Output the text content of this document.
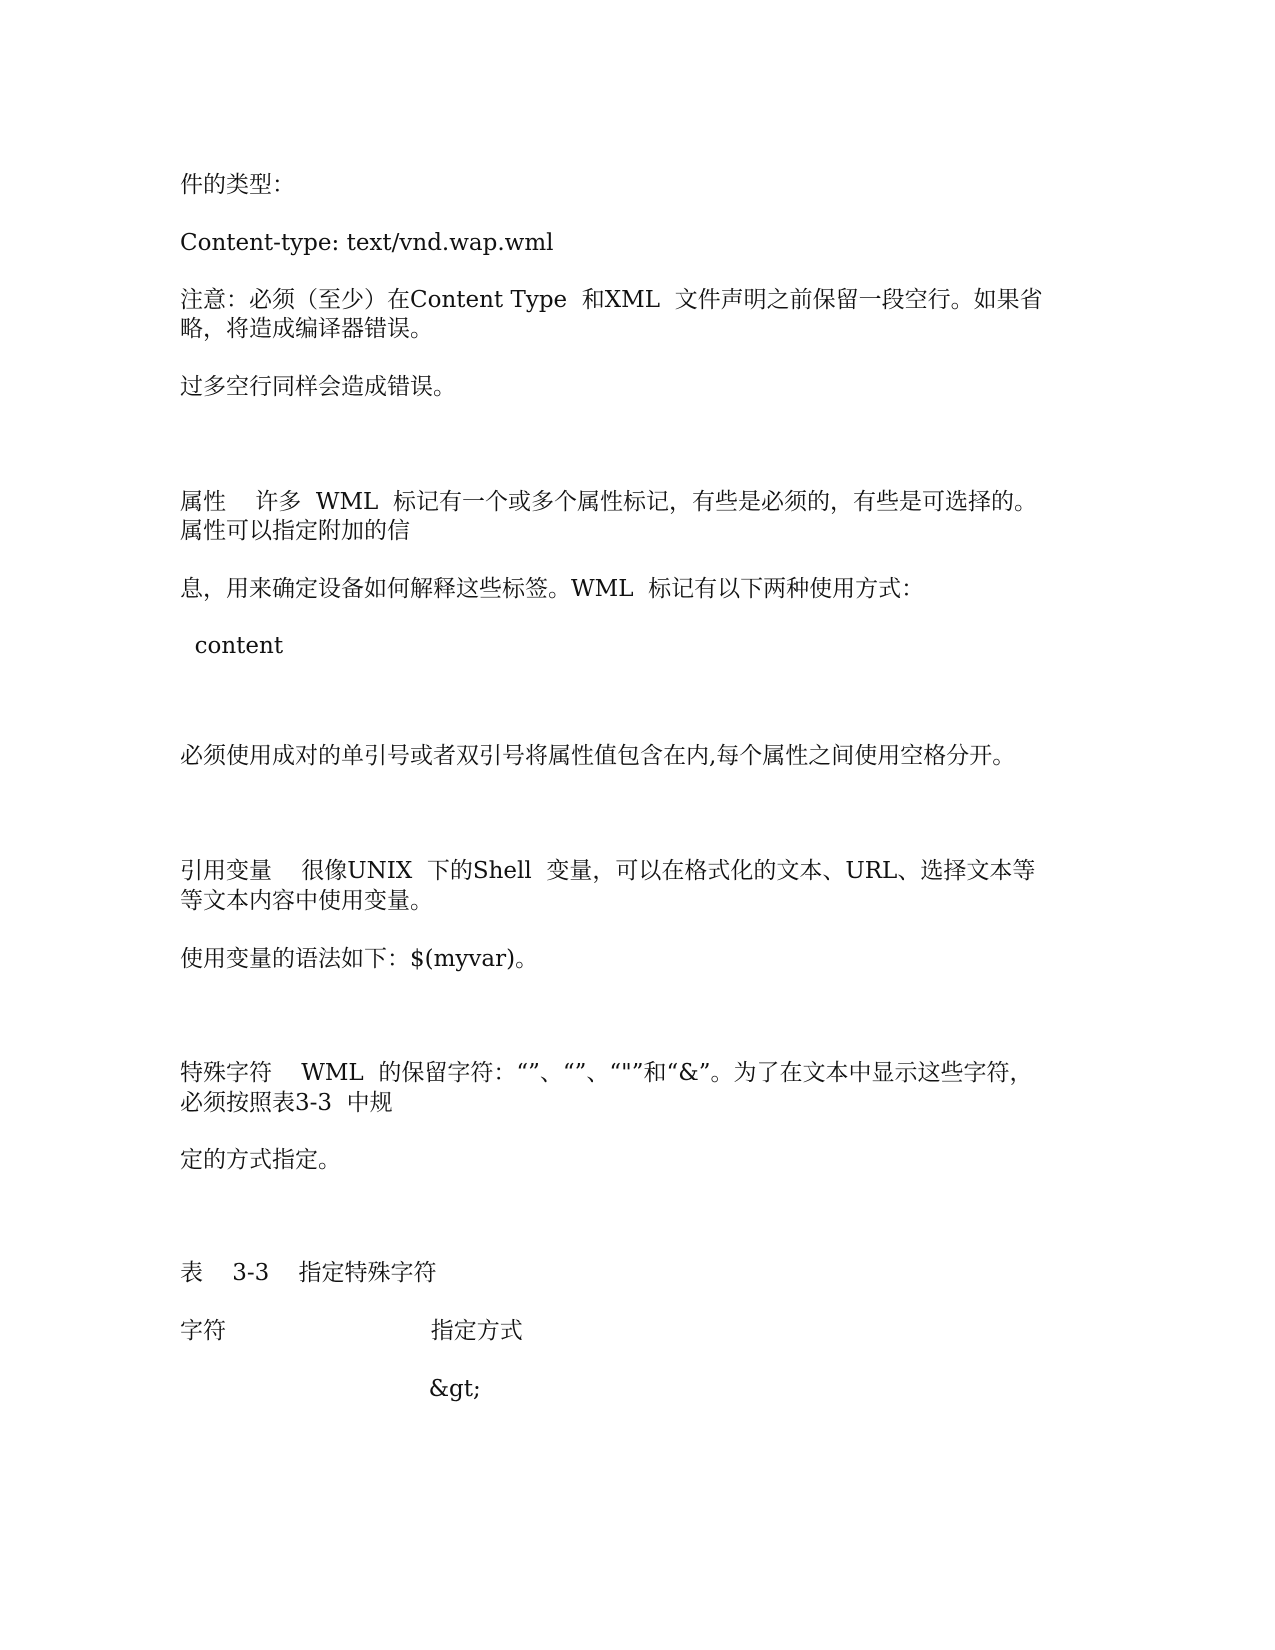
件的类型：

Content-type: text/vnd.wap.wml

注意：必须（至少）在Content Type  和XML  文件声明之前保留一段空行。如果省

略，将造成编译器错误。

过多空行同样会造成错误。

属性    许多  WML  标记有一个或多个属性标记，有些是必须的，有些是可选择的。

属性可以指定附加的信

息，用来确定设备如何解释这些标签。WML  标记有以下两种使用方式：

content

必须使用成对的单引号或者双引号将属性值包含在内,每个属性之间使用空格分开。

引用变量    很像UNIX  下的Shell  变量，可以在格式化的文本、URL、选择文本等

等文本内容中使用变量。

使用变量的语法如下：$(myvar)。

特殊字符    WML  的保留字符：“”、“”、“"”和“&”。为了在文本中显示这些字符，

必须按照表3-3  中规

定的方式指定。

表    3-3    指定特殊字符

字符                            指定方式

&gt;
